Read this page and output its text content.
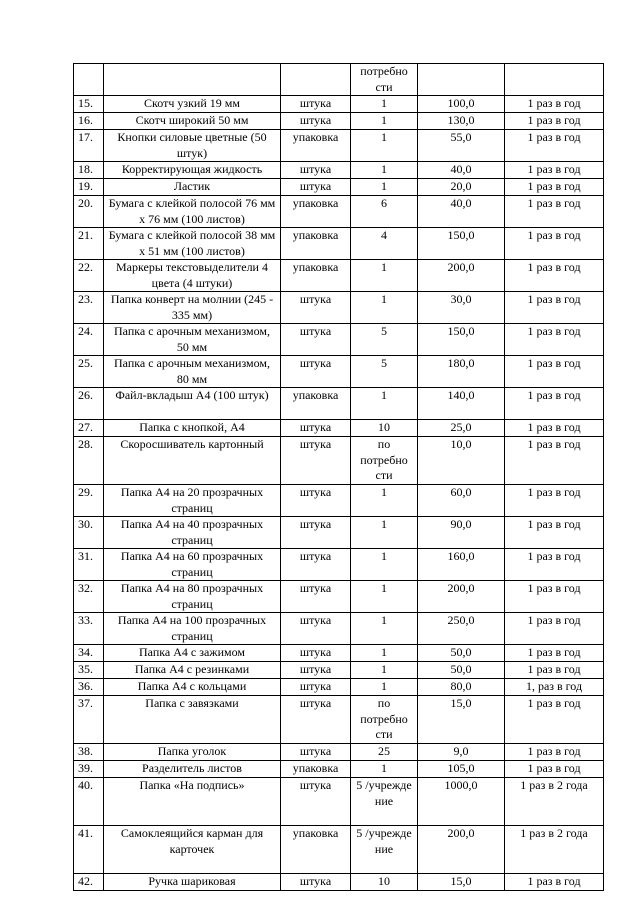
			потребно сти		
15.	Скотч узкий 19 мм	штука	1	100,0	1 раз в год
16.	Скотч широкий 50 мм	штука	1	130,0	1 раз в год
17.	Кнопки силовые цветные (50 штук)	упаковка	1	55,0	1 раз в год
18.	Корректирующая жидкость	штука	1	40,0	1 раз в год
19.	Ластик	штука	1	20,0	1 раз в год
20.	Бумага с клейкой полосой 76 мм х 76 мм (100 листов)	упаковка	6	40,0	1 раз в год
21.	Бумага с клейкой полосой 38 мм х 51 мм (100 листов)	упаковка	4	150,0	1 раз в год
22.	Маркеры текстовыделители 4 цвета (4 штуки)	упаковка	1	200,0	1 раз в год
23.	Папка конверт на молнии (245 - 335 мм)	штука	1	30,0	1 раз в год
24.	Папка с арочным механизмом, 50 мм	штука	5	150,0	1 раз в год
25.	Папка с арочным механизмом, 80 мм	штука	5	180,0	1 раз в год
26.	Файл-вкладыш А4 (100 штук)	упаковка	1	140,0	1 раз в год
27.	Папка с кнопкой, А4	штука	10	25,0	1 раз в год
28.	Скоросшиватель картонный	штука	по потребно сти	10,0	1 раз в год
29.	Папка А4 на 20 прозрачных страниц	штука	1	60,0	1 раз в год
30.	Папка А4 на 40 прозрачных страниц	штука	1	90,0	1 раз в год
31.	Папка А4 на 60 прозрачных страниц	штука	1	160,0	1 раз в год
32.	Папка А4 на 80 прозрачных страниц	штука	1	200,0	1 раз в год
33.	Папка А4 на 100 прозрачных страниц	штука	1	250,0	1 раз в год
34.	Папка А4 с зажимом	штука	1	50,0	1 раз в год
35.	Папка А4 с резинками	штука	1	50,0	1 раз в год
36.	Папка А4 с кольцами	штука	1	80,0	1, раз в год
37.	Папка с завязками	штука	по потребно сти	15,0	1 раз в год
38.	Папка уголок	штука	25	9,0	1 раз в год
39.	Разделитель листов	упаковка	1	105,0	1 раз в год
40.	Папка «На подпись»	штука	5 /учрежде ние	1000,0	1 раз в 2 года
41.	Самоклеящийся карман для карточек	упаковка	5 /учрежде ние	200,0	1 раз в 2 года
42.	Ручка шариковая	штука	10	15,0	1 раз в год
